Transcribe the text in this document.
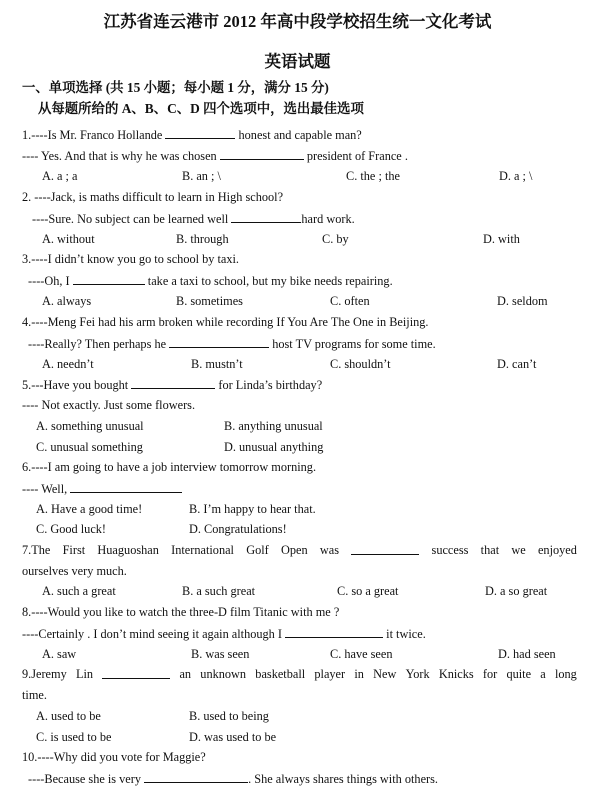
江苏省连云港市 2012 年高中段学校招生统一文化考试
英语试题
一、单项选择 (共 15 小题；每小题 1 分，满分 15 分)
从每题所给的 A、B、C、D 四个选项中，选出最佳选项
1.----Is Mr. Franco Hollande	honest and capable man?
---- Yes. And that is why he was chosen	president of France .
A. a ; a	B. an ; \	C. the ; the	D. a ; \
2. ----Jack, is maths difficult to learn in High school?
----Sure. No subject can be learned well	hard work.
A. without	B. through	C. by	D. with
3.----I didn’t know you go to school by taxi.
----Oh, I	take a taxi to school, but my bike needs repairing.
A. always	B. sometimes	C. often	D. seldom
4.----Meng Fei had his arm broken while recording If You Are The One in Beijing.
----Really? Then perhaps he	host TV programs for some time.
A. needn’t	B. mustn’t	C. shouldn’t	D. can’t
5.---Have you bought	for Linda’s birthday?
---- Not exactly. Just some flowers.
A. something unusual	B. anything unusual
C. unusual something	D. unusual anything
6.----I am going to have a job interview tomorrow morning.
---- Well,
A. Have a good time!	B. I’m happy to hear that.
C. Good luck!	D. Congratulations!
7.The First Huaguoshan International Golf Open was	success that we enjoyed
ourselves very much.
A. such a great	B. a such great	C. so a great	D. a so great
8.----Would you like to watch the three-D film Titanic with me ?
----Certainly . I don’t mind seeing it again although I	it twice.
A. saw	B. was seen	C. have seen	D. had seen
9.Jeremy Lin	an unknown basketball player in New York Knicks for quite a long
time.
A. used to be	B. used to being
C. is used to be	D. was used to be
10.----Why did you vote for Maggie?
----Because she is very	. She always shares things with others.
